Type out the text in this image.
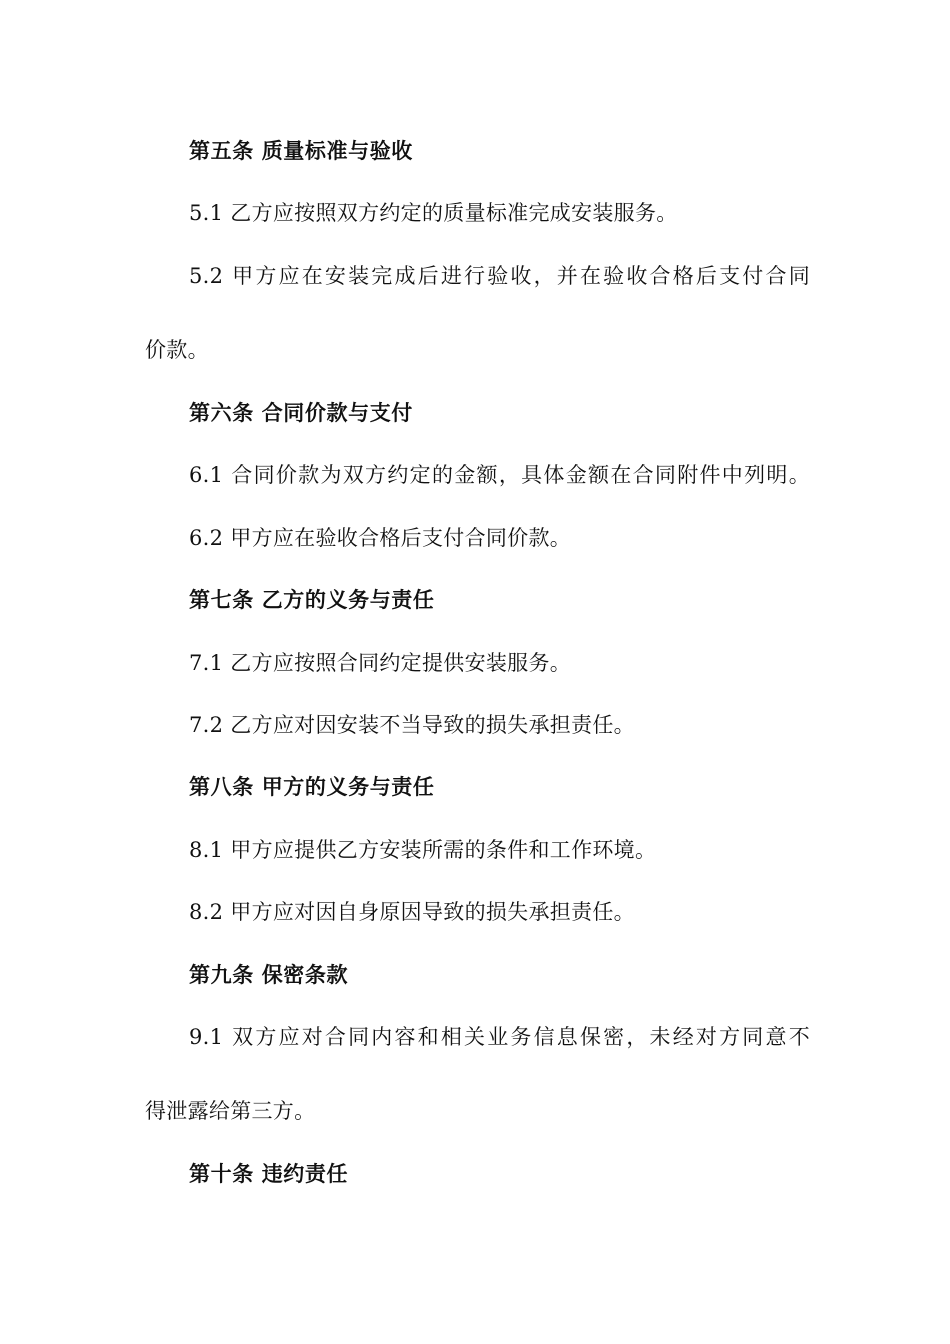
第五条 质量标准与验收
5.1 乙方应按照双方约定的质量标准完成安装服务。
5.2 甲方应在安装完成后进行验收，并在验收合格后支付合同
价款。
第六条 合同价款与支付
6.1 合同价款为双方约定的金额，具体金额在合同附件中列明。
6.2 甲方应在验收合格后支付合同价款。
第七条 乙方的义务与责任
7.1 乙方应按照合同约定提供安装服务。
7.2 乙方应对因安装不当导致的损失承担责任。
第八条 甲方的义务与责任
8.1 甲方应提供乙方安装所需的条件和工作环境。
8.2 甲方应对因自身原因导致的损失承担责任。
第九条 保密条款
9.1 双方应对合同内容和相关业务信息保密，未经对方同意不
得泄露给第三方。
第十条 违约责任
